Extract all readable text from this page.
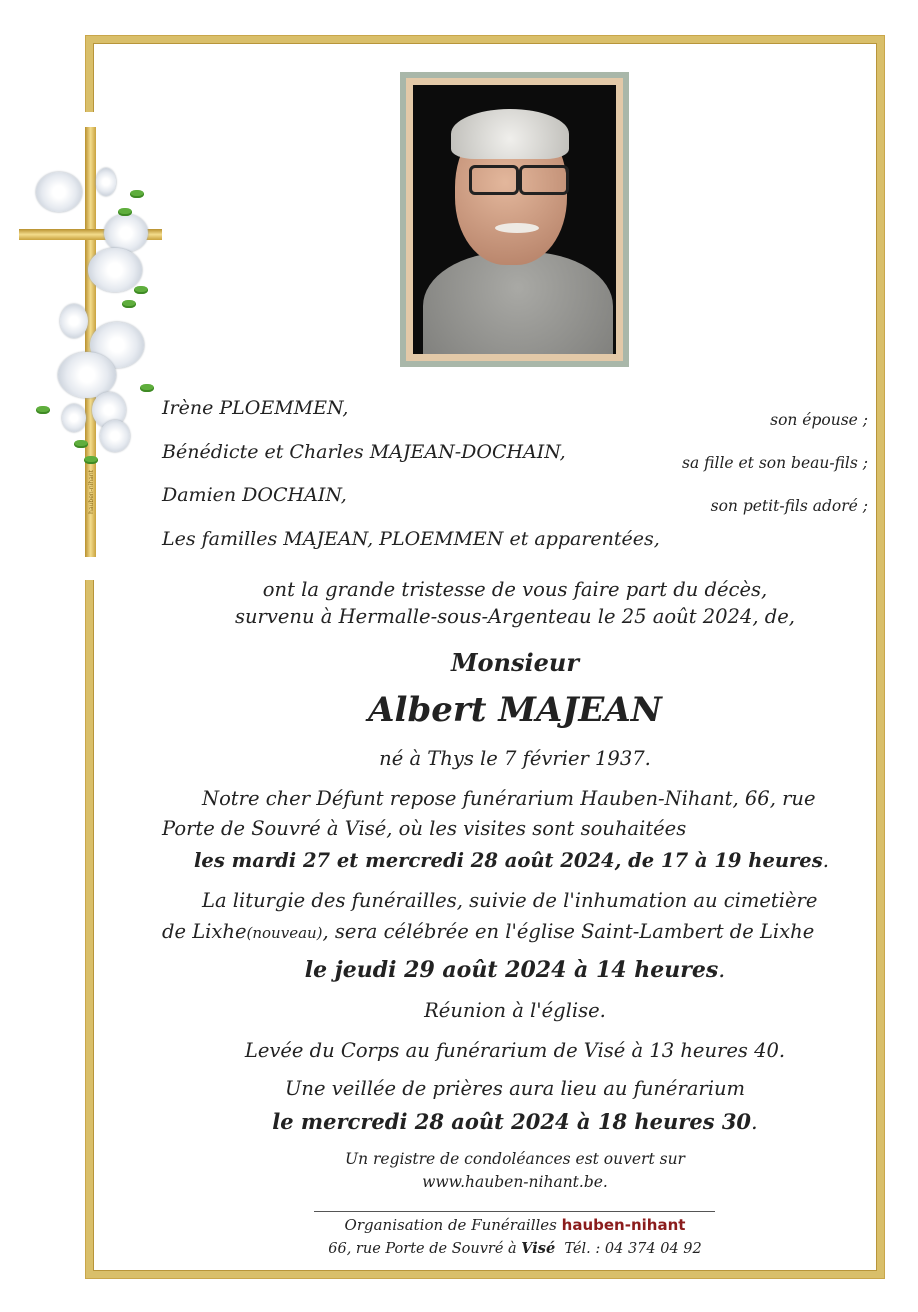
hauben-nihant
Irène PLOEMMEN,
son épouse ;
Bénédicte et Charles MAJEAN-DOCHAIN,	sa fille et son beau-fils ;
Damien DOCHAIN,	son petit-fils adoré ;
Les familles MAJEAN, PLOEMMEN et apparentées,
ont la grande tristesse de vous faire part du décès,
survenu à Hermalle-sous-Argenteau le 25 août 2024, de,
Monsieur
Albert MAJEAN
né à Thys le 7 février 1937.
Notre cher Défunt repose funérarium Hauben-Nihant, 66, rue
Porte de Souvré à Visé, où les visites sont souhaitées
les mardi 27 et mercredi 28 août 2024, de 17 à 19 heures.
La liturgie des funérailles, suivie de l'inhumation au cimetière
de Lixhe(nouveau), sera célébrée en l'église Saint-Lambert de Lixhe
le jeudi 29 août 2024 à 14 heures.
Réunion à l'église.
Levée du Corps au funérarium de Visé à 13 heures 40.
Une veillée de prières aura lieu au funérarium
le mercredi 28 août 2024 à 18 heures 30.
Un registre de condoléances est ouvert sur
www.hauben-nihant.be.
Organisation de Funérailles hauben-nihant
66, rue Porte de Souvré à Visé Tél. : 04 374 04 92
